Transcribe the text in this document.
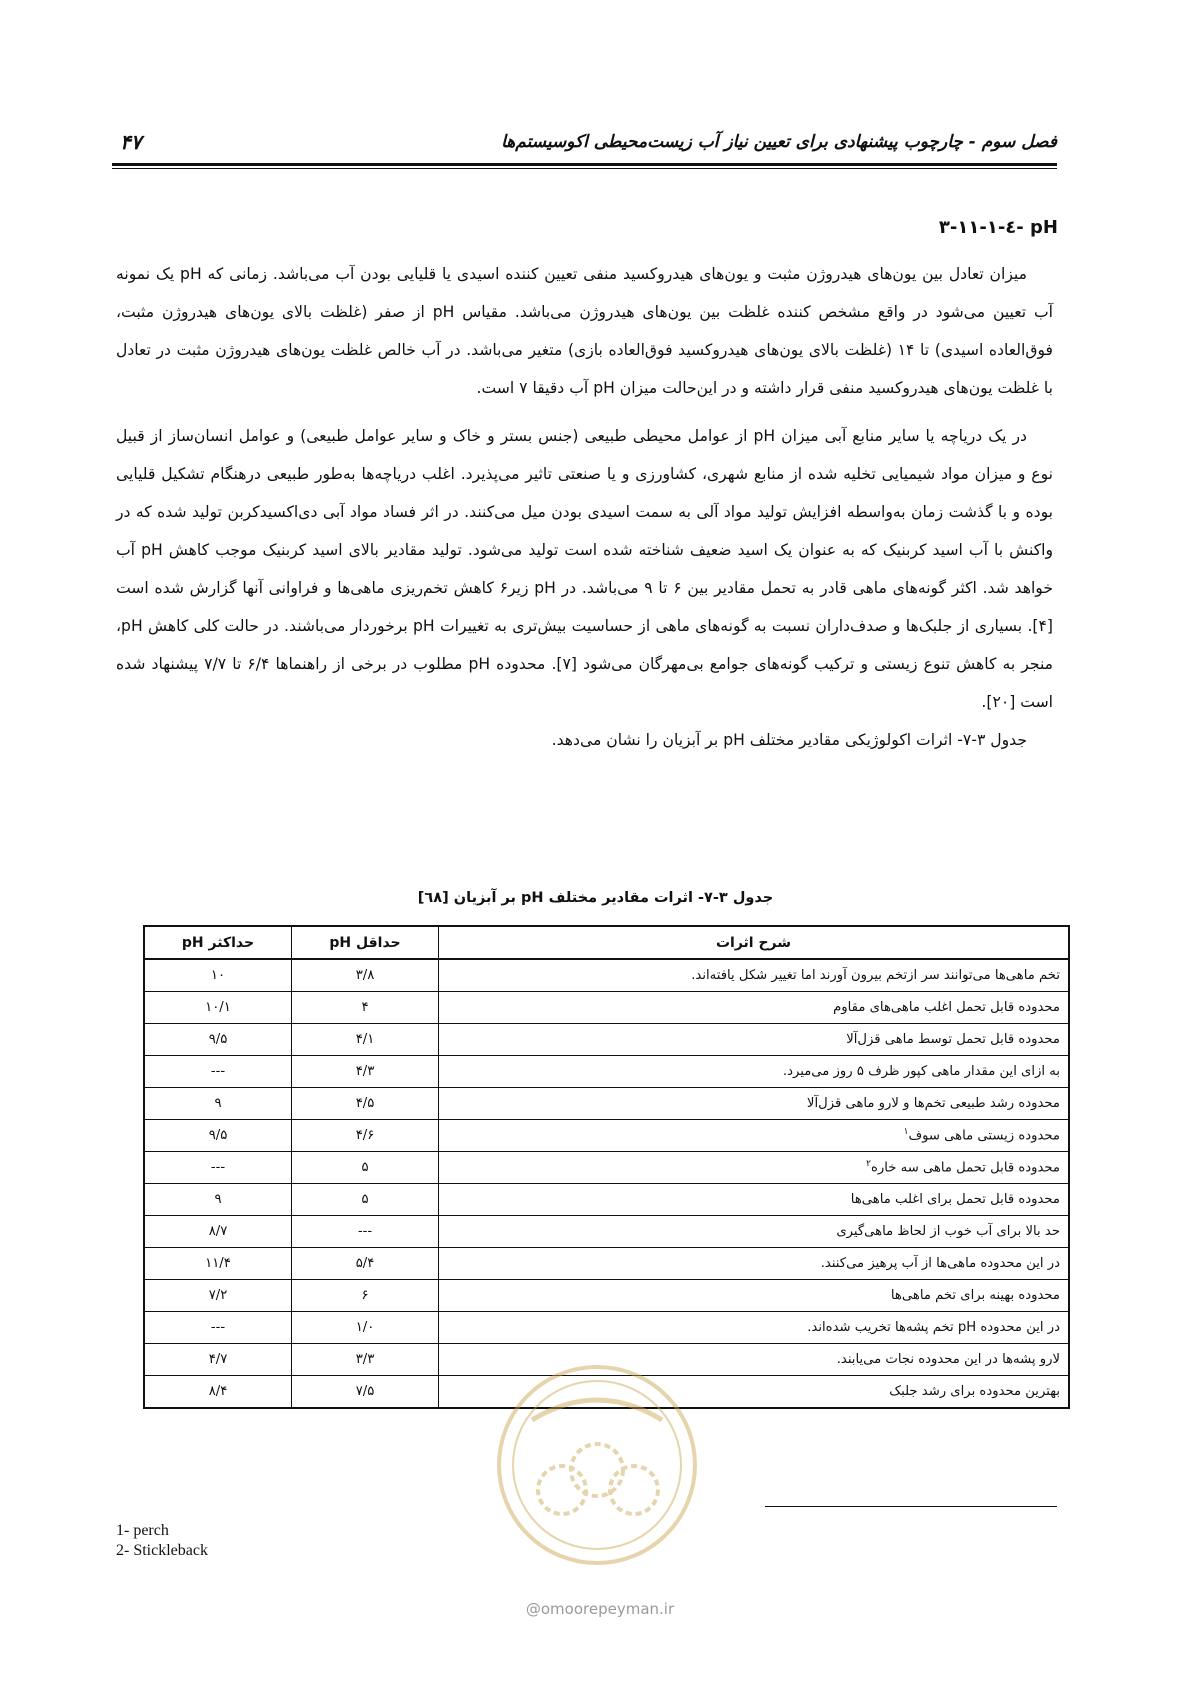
فصل سوم - چارچوب پیشنهادی برای تعیین نیاز آب زیست‌محیطی اکوسیستم‌ها
۴۷
pH -٤-١-١١-٣

میزان تعادل بین یون‌های هیدروژن مثبت و یون‌های هیدروکسید منفی تعیین کننده اسیدی یا قلیایی بودن آب می‌باشد. زمانی که pH یک نمونه آب تعیین می‌شود در واقع مشخص کننده غلظت بین یون‌های هیدروژن می‌باشد. مقیاس pH از صفر (غلظت بالای یون‌های هیدروژن مثبت، فوق‌العاده اسیدی) تا ۱۴ (غلظت بالای یون‌های هیدروکسید فوق‌العاده بازی) متغیر می‌باشد. در آب خالص غلظت یون‌های هیدروژن مثبت در تعادل با غلظت یون‌های هیدروکسید منفی قرار داشته و در این‌حالت میزان pH آب دقیقا ۷ است.

در یک دریاچه یا سایر منابع آبی میزان pH از عوامل محیطی طبیعی (جنس بستر و خاک و سایر عوامل طبیعی) و عوامل انسان‌ساز از قبیل نوع و میزان مواد شیمیایی تخلیه شده از منابع شهری، کشاورزی و یا صنعتی تاثیر می‌پذیرد. اغلب دریاچه‌ها به‌طور طبیعی درهنگام تشکیل قلیایی بوده و با گذشت زمان به‌واسطه افزایش تولید مواد آلی به سمت اسیدی بودن میل می‌کنند. در اثر فساد مواد آبی دی‌اکسیدکربن تولید شده که در واکنش با آب اسید کربنیک که به عنوان یک اسید ضعیف شناخته شده است تولید می‌شود. تولید مقادیر بالای اسید کربنیک موجب کاهش pH آب خواهد شد. اکثر گونه‌های ماهی قادر به تحمل مقادیر بین ۶ تا ۹ می‌باشد. در pH زیر۶ کاهش تخم‌ریزی ماهی‌ها و فراوانی آنها گزارش شده است [۴]. بسیاری از جلبک‌ها و صدف‌داران نسبت به گونه‌های ماهی از حساسیت بیش‌تری به تغییرات pH برخوردار می‌باشند. در حالت کلی کاهش pH، منجر به کاهش تنوع زیستی و ترکیب گونه‌های جوامع بی‌مهرگان می‌شود [۷]. محدوده pH مطلوب در برخی از راهنماها ۶/۴ تا ۷/۷ پیشنهاد شده است [۲۰].

جدول ۳-۷- اثرات اکولوژیکی مقادیر مختلف pH بر آبزیان را نشان می‌دهد.

جدول ۳-۷- اثرات مقادیر مختلف pH بر آبزیان [٦٨]
شرح اثرات	حداقل pH	حداکثر pH
تخم ماهی‌ها می‌توانند سر ازتخم بیرون آورند اما تغییر شکل یافته‌اند.	۳/۸	۱۰
محدوده قابل تحمل اغلب ماهی‌های مقاوم	۴	۱۰/۱
محدوده قابل تحمل توسط ماهی قزل‌آلا	۴/۱	۹/۵
به ازای این مقدار ماهی کپور ظرف ۵ روز می‌میرد.	۴/۳	---
محدوده رشد طبیعی تخم‌ها و لارو ماهی قزل‌آلا	۴/۵	۹
محدوده زیستی ماهی سوف$^۱$	۴/۶	۹/۵
محدوده قابل تحمل ماهی سه خاره$^۲$	۵	---
محدوده قابل تحمل برای اغلب ماهی‌ها	۵	۹
حد بالا برای آب خوب از لحاظ ماهی‌گیری	---	۸/۷
در این محدوده ماهی‌ها از آب پرهیز می‌کنند.	۵/۴	۱۱/۴
محدوده بهینه برای تخم ماهی‌ها	۶	۷/۲
در این محدوده pH تخم پشه‌ها تخریب شده‌اند.	۱/۰	---
لارو پشه‌ها در این محدوده نجات می‌یابند.	۳/۳	۴/۷
بهترین محدوده برای رشد جلبک	۷/۵	۸/۴
@omoorepeyman.ir
1- perch
2- Stickleback
